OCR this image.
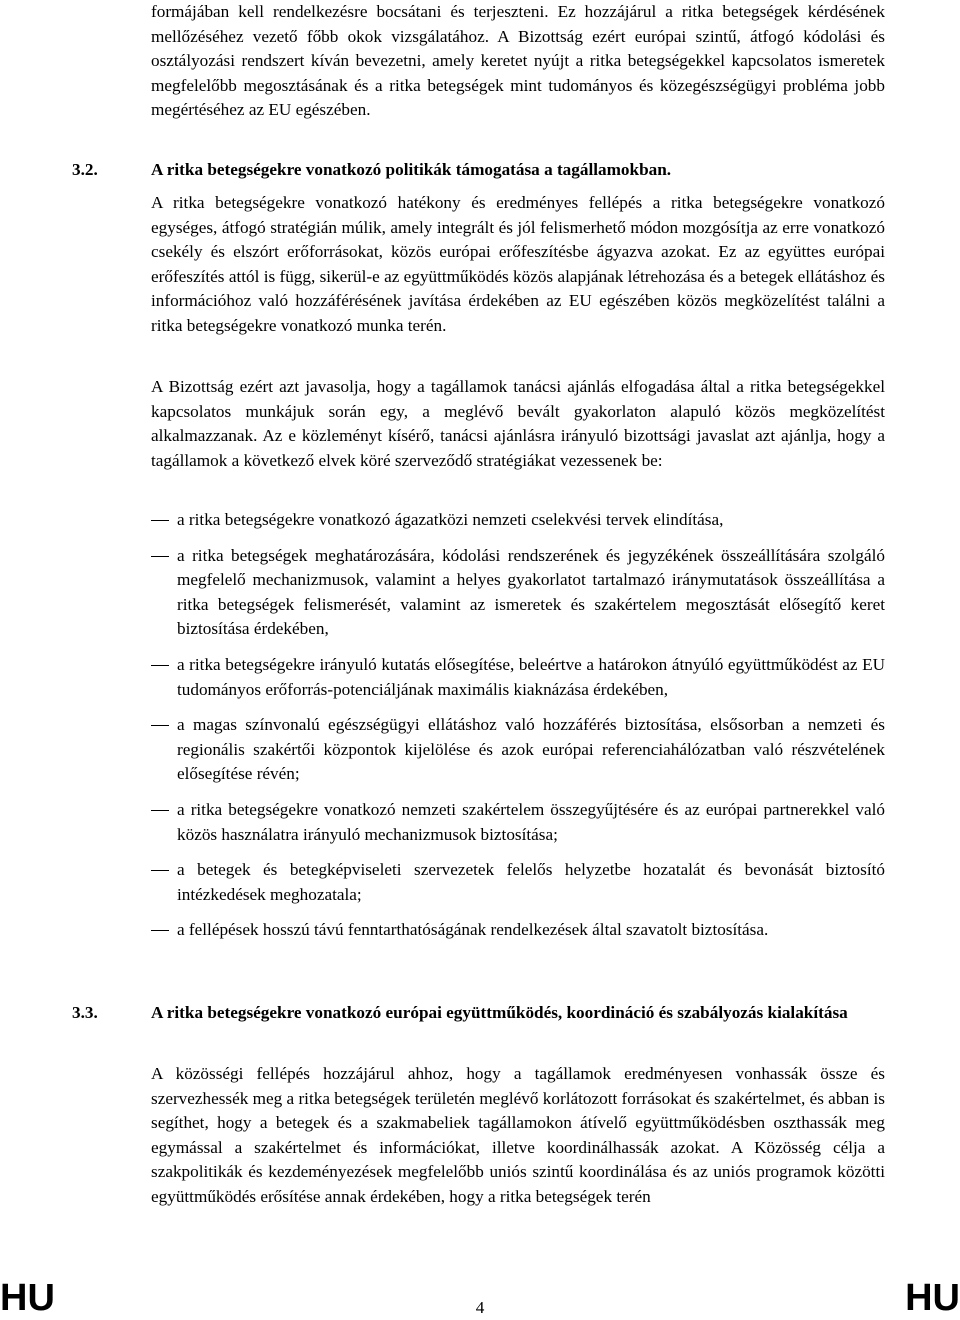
formájában kell rendelkezésre bocsátani és terjeszteni. Ez hozzájárul a ritka betegségek kérdésének mellőzéséhez vezető főbb okok vizsgálatához. A Bizottság ezért európai szintű, átfogó kódolási és osztályozási rendszert kíván bevezetni, amely keretet nyújt a ritka betegségekkel kapcsolatos ismeretek megfelelőbb megosztásának és a ritka betegségek mint tudományos és közegészségügyi probléma jobb megértéséhez az EU egészében.

3.2.	A ritka betegségekre vonatkozó politikák támogatása a tagállamokban.

A ritka betegségekre vonatkozó hatékony és eredményes fellépés a ritka betegségekre vonatkozó egységes, átfogó stratégián múlik, amely integrált és jól felismerhető módon mozgósítja az erre vonatkozó csekély és elszórt erőforrásokat, közös európai erőfeszítésbe ágyazva azokat. Ez az együttes európai erőfeszítés attól is függ, sikerül-e az együttműködés közös alapjának létrehozása és a betegek ellátáshoz és információhoz való hozzáférésének javítása érdekében az EU egészében közös megközelítést találni a ritka betegségekre vonatkozó munka terén.

A Bizottság ezért azt javasolja, hogy a tagállamok tanácsi ajánlás elfogadása által a ritka betegségekkel kapcsolatos munkájuk során egy, a meglévő bevált gyakorlaton alapuló közös megközelítést alkalmazzanak. Az e közleményt kísérő, tanácsi ajánlásra irányuló bizottsági javaslat azt ajánlja, hogy a tagállamok a következő elvek köré szerveződő stratégiákat vezessenek be:

a ritka betegségekre vonatkozó ágazatközi nemzeti cselekvési tervek elindítása,
a ritka betegségek meghatározására, kódolási rendszerének és jegyzékének összeállítására szolgáló megfelelő mechanizmusok, valamint a helyes gyakorlatot tartalmazó iránymutatások összeállítása a ritka betegségek felismerését, valamint az ismeretek és szakértelem megosztását elősegítő keret biztosítása érdekében,
a ritka betegségekre irányuló kutatás elősegítése, beleértve a határokon átnyúló együttműködést az EU tudományos erőforrás-potenciáljának maximális kiaknázása érdekében,
a magas színvonalú egészségügyi ellátáshoz való hozzáférés biztosítása, elsősorban a nemzeti és regionális szakértői központok kijelölése és azok európai referenciahálózatban való részvételének elősegítése révén;
a ritka betegségekre vonatkozó nemzeti szakértelem összegyűjtésére és az európai partnerekkel való közös használatra irányuló mechanizmusok biztosítása;
a betegek és betegképviseleti szervezetek felelős helyzetbe hozatalát és bevonását biztosító intézkedések meghozatala;
a fellépések hosszú távú fenntarthatóságának rendelkezések által szavatolt biztosítása.
3.3.	A ritka betegségekre vonatkozó európai együttműködés, koordináció és szabályozás kialakítása

A közösségi fellépés hozzájárul ahhoz, hogy a tagállamok eredményesen vonhassák össze és szervezhessék meg a ritka betegségek területén meglévő korlátozott forrásokat és szakértelmet, és abban is segíthet, hogy a betegek és a szakmabeliek tagállamokon átívelő együttműködésben oszthassák meg egymással a szakértelmet és információkat, illetve koordinálhassák azokat. A Közösség célja a szakpolitikák és kezdeményezések megfelelőbb uniós szintű koordinálása és az uniós programok közötti együttműködés erősítése annak érdekében, hogy a ritka betegségek terén

HU	4	HU
